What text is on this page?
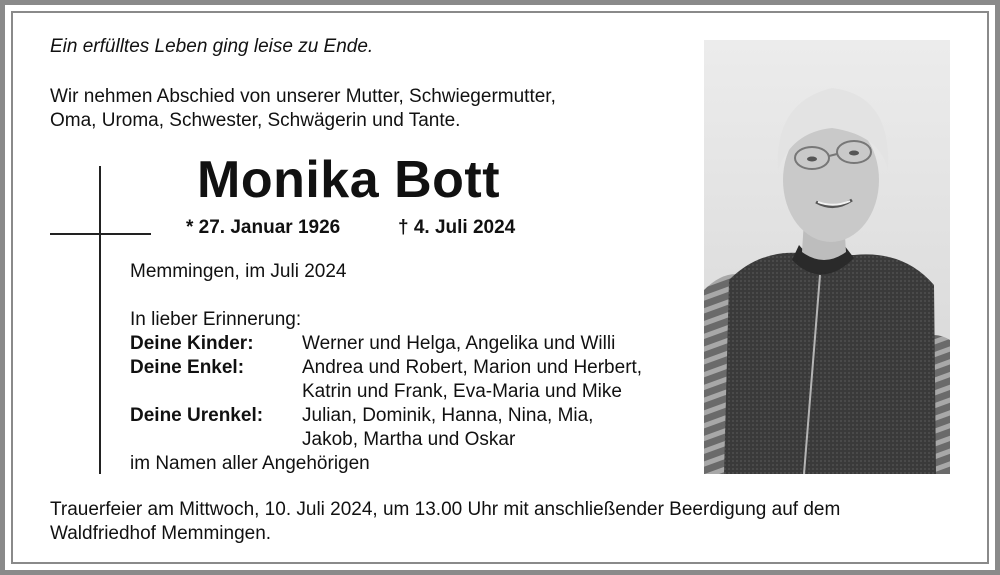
Ein erfülltes Leben ging leise zu Ende.
Wir nehmen Abschied von unserer Mutter, Schwiegermutter,
Oma, Uroma, Schwester, Schwägerin und Tante.
Monika Bott
* 27. Januar 1926	† 4. Juli 2024
Memmingen, im Juli 2024
In lieber Erinnerung:
Deine Kinder:	Werner und Helga, Angelika und Willi
Deine Enkel:	Andrea und Robert, Marion und Herbert,
Katrin und Frank, Eva-Maria und Mike
Deine Urenkel: Julian, Dominik, Hanna, Nina, Mia,
Jakob, Martha und Oskar
im Namen aller Angehörigen
Trauerfeier am Mittwoch, 10. Juli 2024, um 13.00 Uhr mit anschließender Beerdigung auf dem
Waldfriedhof Memmingen.
